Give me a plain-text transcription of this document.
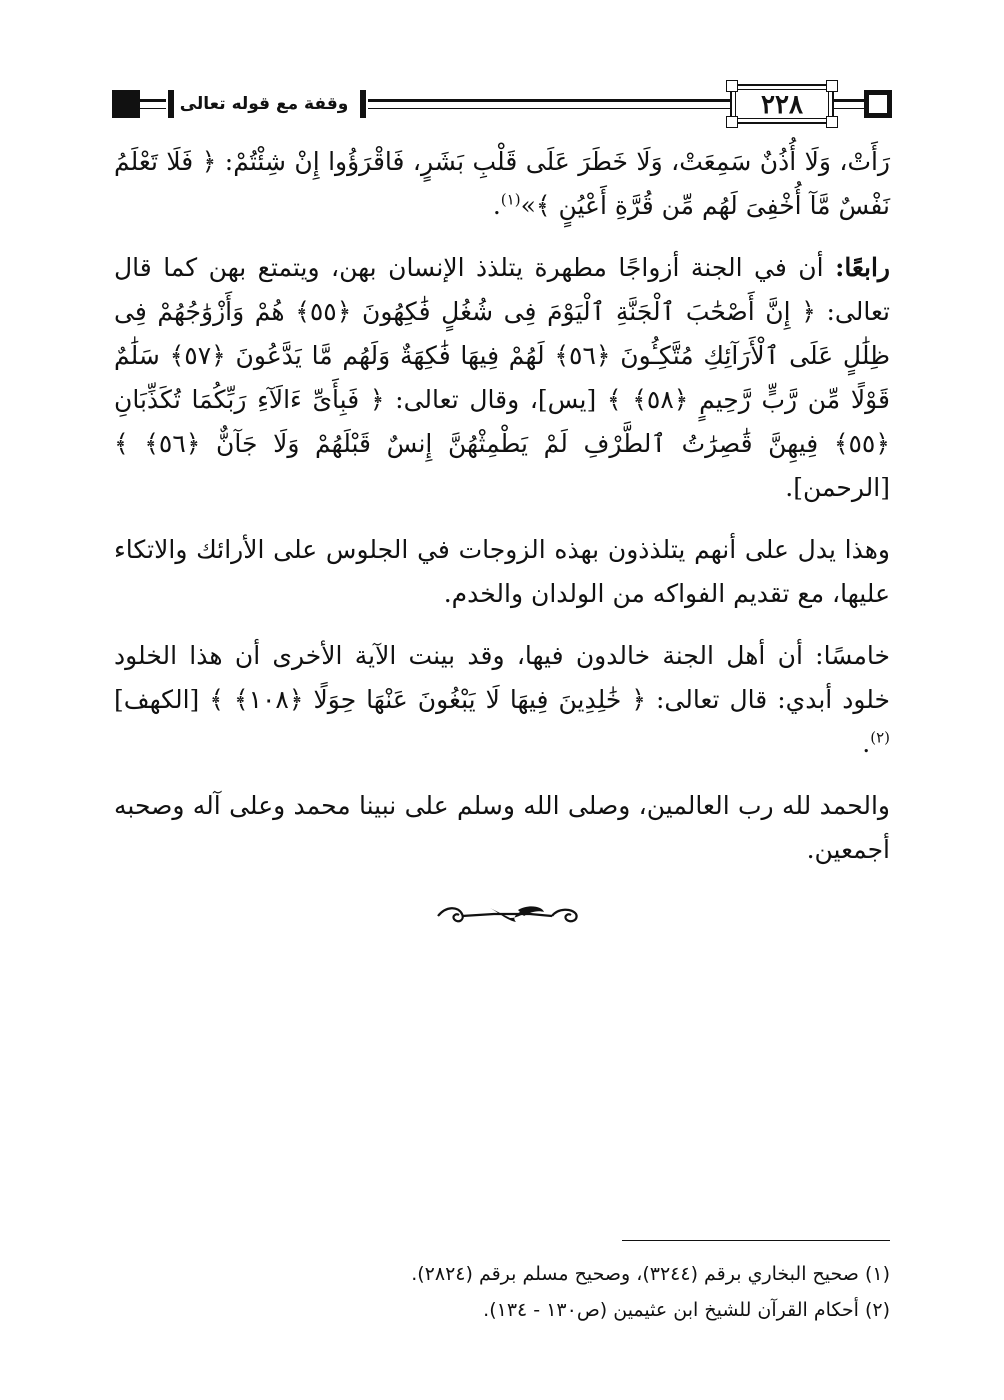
وقفة مع قوله تعالى	٢٢٨

رَأَتْ، وَلَا أُذُنٌ سَمِعَتْ، وَلَا خَطَرَ عَلَى قَلْبِ بَشَرٍ، فَاقْرَؤُوا إِنْ شِئْتُمْ: ﴿ فَلَا تَعْلَمُ نَفْسٌ مَّآ أُخْفِىَ لَهُم مِّن قُرَّةِ أَعْيُنٍ ﴾»$^{(١)}$.

رابعًا: أن في الجنة أزواجًا مطهرة يتلذذ الإنسان بهن، ويتمتع بهن كما قال تعالى: ﴿ إِنَّ أَصْحَٰبَ ٱلْجَنَّةِ ٱلْيَوْمَ فِى شُغُلٍ فَٰكِهُونَ ﴿٥٥﴾ هُمْ وَأَزْوَٰجُهُمْ فِى ظِلَٰلٍ عَلَى ٱلْأَرَآئِكِ مُتَّكِـُٔونَ ﴿٥٦﴾ لَهُمْ فِيهَا فَٰكِهَةٌ وَلَهُم مَّا يَدَّعُونَ ﴿٥٧﴾ سَلَٰمٌ قَوْلًا مِّن رَّبٍّ رَّحِيمٍ ﴿٥٨﴾ ﴾ [يس]، وقال تعالى: ﴿ فَبِأَىِّ ءَالَآءِ رَبِّكُمَا تُكَذِّبَانِ ﴿٥٥﴾ فِيهِنَّ قَٰصِرَٰتُ ٱلطَّرْفِ لَمْ يَطْمِثْهُنَّ إِنسٌ قَبْلَهُمْ وَلَا جَآنٌّ ﴿٥٦﴾ ﴾ [الرحمن].

وهذا يدل على أنهم يتلذذون بهذه الزوجات في الجلوس على الأرائك والاتكاء عليها، مع تقديم الفواكه من الولدان والخدم.

خامسًا: أن أهل الجنة خالدون فيها، وقد بينت الآية الأخرى أن هذا الخلود خلود أبدي: قال تعالى: ﴿ خَٰلِدِينَ فِيهَا لَا يَبْغُونَ عَنْهَا حِوَلًا ﴿١٠٨﴾ ﴾ [الكهف]$^{(٢)}$.

والحمد لله رب العالمين، وصلى الله وسلم على نبينا محمد وعلى آله وصحبه أجمعين.

(١) صحيح البخاري برقم (٣٢٤٤)، وصحيح مسلم برقم (٢٨٢٤).
(٢) أحكام القرآن للشيخ ابن عثيمين (ص١٣٠ - ١٣٤).
